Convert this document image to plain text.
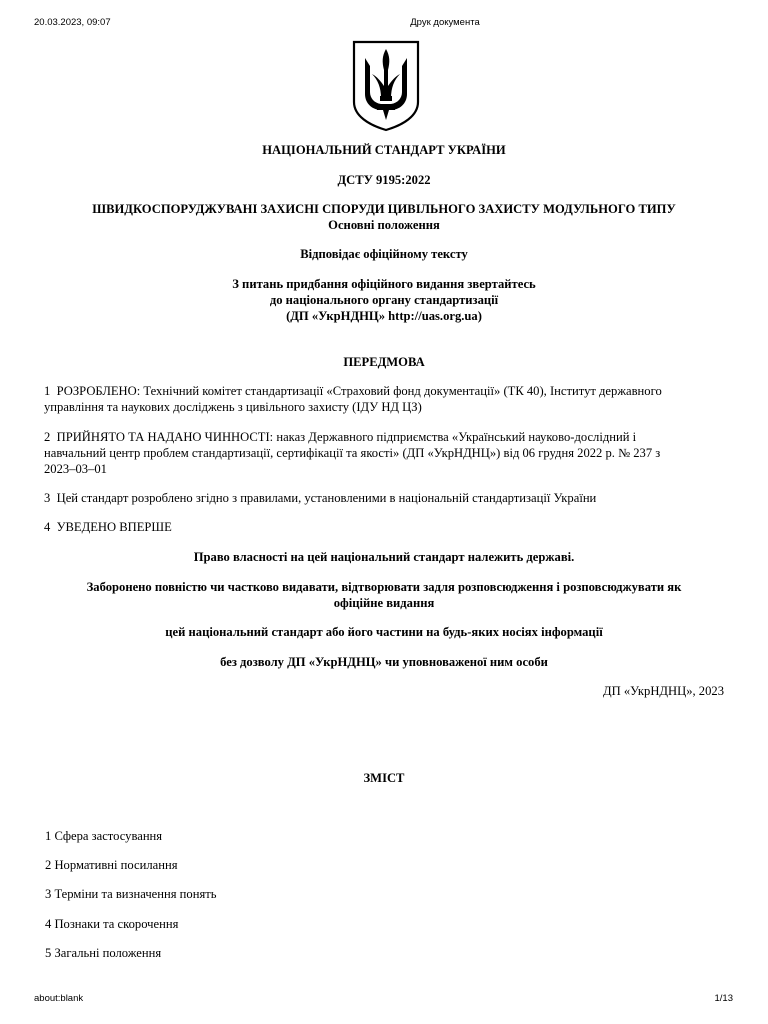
20.03.2023, 09:07	Друк документа
НАЦІОНАЛЬНИЙ СТАНДАРТ УКРАЇНИ
ДСТУ 9195:2022
ШВИДКОСПОРУДЖУВАНІ ЗАХИСНІ СПОРУДИ ЦИВІЛЬНОГО ЗАХИСТУ МОДУЛЬНОГО ТИПУ
Основні положення
Відповідає офіційному тексту
З питань придбання офіційного видання звертайтесь
до національного органу стандартизації
(ДП «УкрНДНЦ» http://uas.org.ua)
ПЕРЕДМОВА
1 РОЗРОБЛЕНО: Технічний комітет стандартизації «Страховий фонд документації» (ТК 40), Інститут державного
управління та наукових досліджень з цивільного захисту (ІДУ НД ЦЗ)
2 ПРИЙНЯТО ТА НАДАНО ЧИННОСТІ: наказ Державного підприємства «Український науково-дослідний і
навчальний центр проблем стандартизації, сертифікації та якості» (ДП «УкрНДНЦ») від 06 грудня 2022 р. № 237 з
2023–03–01
3 Цей стандарт розроблено згідно з правилами, установленими в національній стандартизації України
4 УВЕДЕНО ВПЕРШЕ
Право власності на цей національний стандарт належить державі.
Заборонено повністю чи частково видавати, відтворювати задля розповсюдження і розповсюджувати як
офіційне видання
цей національний стандарт або його частини на будь-яких носіях інформації
без дозволу ДП «УкрНДНЦ» чи уповноваженої ним особи
ДП «УкрНДНЦ», 2023
ЗМІСТ
1 Сфера застосування
2 Нормативні посилання
3 Терміни та визначення понять
4 Познаки та скорочення
5 Загальні положення
about:blank	1/13
